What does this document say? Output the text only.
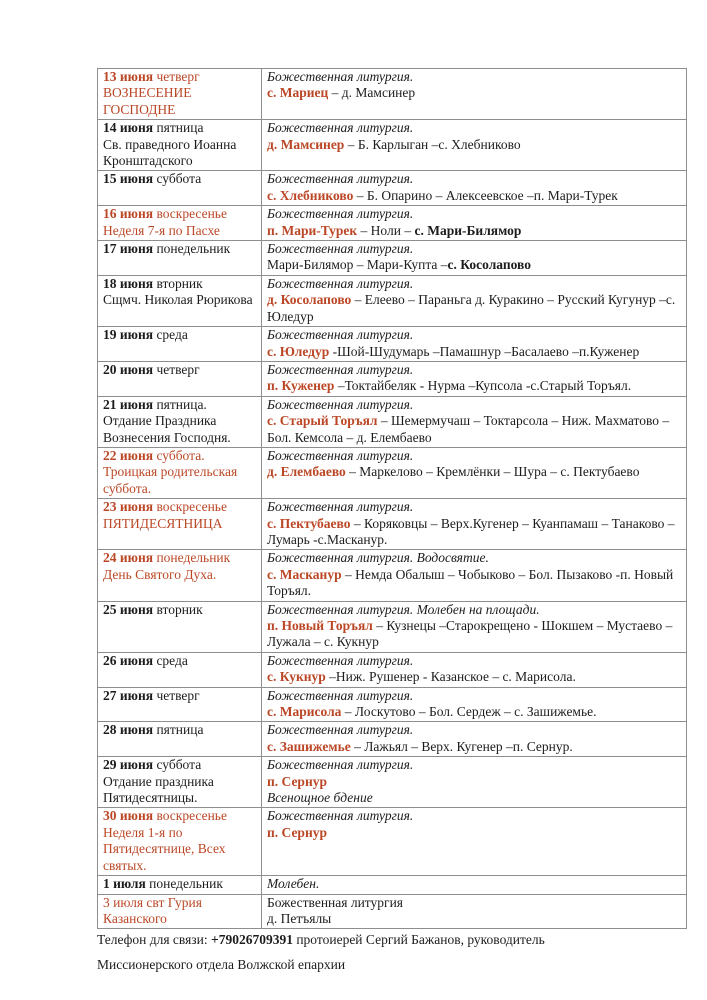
13 июня четверг
ВОЗНЕСЕНИЕ ГОСПОДНЕ	Божественная литургия.
с. Мариец – д. Мамсинер
14 июня пятница
Св. праведного Иоанна Кронштадского	Божественная литургия.
д. Мамсинер – Б. Карлыган –с. Хлебниково
15 июня суббота	Божественная литургия.
с. Хлебниково – Б. Опарино – Алексеевское –п. Мари-Турек
16 июня воскресенье
Неделя 7-я по Пасхе	Божественная литургия.
п. Мари-Турек – Ноли – с. Мари-Билямор
17 июня понедельник	Божественная литургия.
Мари-Билямор – Мари-Купта –с. Косолапово
18 июня вторник
Сщмч. Николая Рюрикова	Божественная литургия.
д. Косолапово – Елеево – Параньга д. Куракино – Русский Кугунур –с. Юледур
19 июня среда	Божественная литургия.
с. Юледур -Шой-Шудумарь –Памашнур –Басалаево –п.Куженер
20 июня четверг	Божественная литургия.
п. Куженер –Токтайбеляк - Нурма –Купсола -с.Старый Торъял.
21 июня пятница.
Отдание Праздника Вознесения Господня.	Божественная литургия.
с. Старый Торъял – Шемермучаш – Токтарсола – Ниж. Махматово – Бол. Кемсола – д. Елембаево
22 июня суббота.
Троицкая родительская суббота.	Божественная литургия.
д. Елембаево – Маркелово – Кремлёнки – Шура – с. Пектубаево
23 июня воскресенье
ПЯТИДЕСЯТНИЦА	Божественная литургия.
с. Пектубаево – Коряковцы – Верх.Кугенер – Куанпамаш – Танаково – Лумарь -с.Масканур.
24 июня понедельник
День Святого Духа.	Божественная литургия. Водосвятие.
с. Масканур – Немда Обалыш – Чобыково – Бол. Пызаково -п. Новый Торъял.
25 июня вторник	Божественная литургия. Молебен на площади.
п. Новый Торъял – Кузнецы –Старокрещено - Шокшем – Мустаево – Лужала – с. Кукнур
26 июня среда	Божественная литургия.
с. Кукнур –Ниж. Рушенер - Казанское – с. Марисола.
27 июня четверг	Божественная литургия.
с. Марисола – Лоскутово – Бол. Сердеж – с. Зашижемье.
28 июня пятница	Божественная литургия.
с. Зашижемье – Лажьял – Верх. Кугенер –п. Сернур.
29 июня суббота
Отдание праздника Пятидесятницы.	Божественная литургия.
п. Сернур
Всенощное бдение
30 июня воскресенье
Неделя 1-я по Пятидесятнице, Всех святых.	Божественная литургия.
п. Сернур
1 июля понедельник	Молебен.
3 июля свт Гурия Казанского	Божественная литургия
д. Петъялы

Телефон для связи: +79026709391 протоиерей Сергий Бажанов, руководитель

Миссионерского отдела Волжской епархии
